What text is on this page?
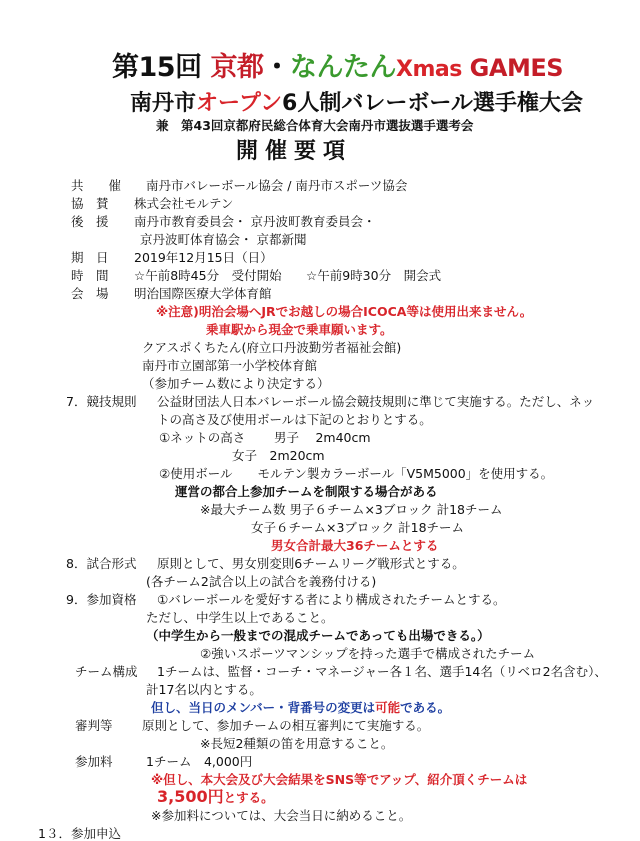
第15回 京都・なんたんXmas GAMES
南丹市オープン6人制バレーボール選手権大会
兼　第43回京都府民総合体育大会南丹市選抜選手選考会
開催要項
共　　催 南丹市バレーボール協会 / 南丹市スポーツ協会
協　賛 株式会社モルテン
後　援 南丹市教育委員会・ 京丹波町教育委員会・
京丹波町体育協会・ 京都新聞
期　日 2019年12月15日（日）
時　間 ☆午前8時45分　受付開始 ☆午前9時30分　開会式
会　場 明治国際医療大学体育館
※注意)明治会場へJRでお越しの場合ICOCA等は使用出来ません。
乗車駅から現金で乗車願います。
クアスポくちたん(府立口丹波勤労者福祉会館)
南丹市立園部第一小学校体育館
（参加チーム数により決定する）
7．競技規則 公益財団法人日本バレーボール協会競技規則に準じて実施する。ただし、ネッ
トの高さ及び使用ボールは下記のとおりとする。
①ネットの高さ 男子　 2m40cm
女子　2m20cm
②使用ボール　　モルテン製カラーボール「V5M5000」を使用する。
運営の都合上参加チームを制限する場合がある
※最大チーム数 男子６チーム×3ブロック 計18チーム
女子６チーム×3ブロック 計18チーム
男女合計最大36チームとする
8．試合形式 原則として、男女別変則6チームリーグ戦形式とする。
(各チーム2試合以上の試合を義務付ける)
9．参加資格 ①バレーボールを愛好する者により構成されたチームとする。
ただし、中学生以上であること。
（中学生から一般までの混成チームであっても出場できる。）
②強いスポーツマンシップを持った選手で構成されたチーム
チーム構成 1チームは、監督・コーチ・マネージャー各１名、選手14名（リベロ2名含む）、
計17名以内とする。
但し、当日のメンバー・背番号の変更は可能である。
審判等 原則として、参加チームの相互審判にて実施する。
※長短2種類の笛を用意すること。
参加料	1チーム　4,000円
※但し、本大会及び大会結果をSNS等でアップ、紹介頂くチームは
3,500円とする。
※参加料については、大会当日に納めること。
1３．参加申込
